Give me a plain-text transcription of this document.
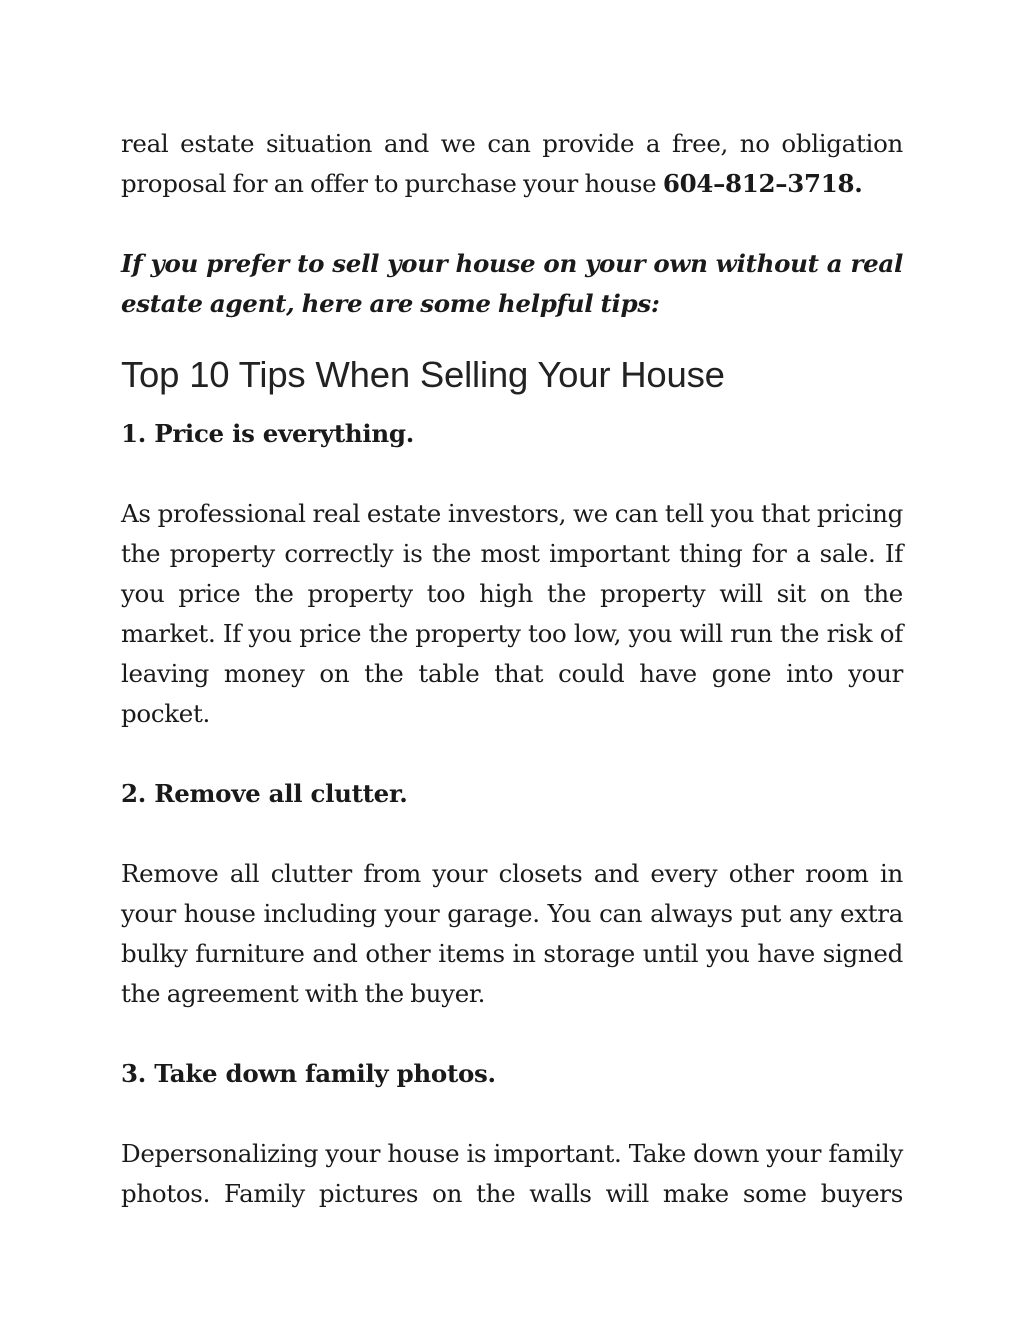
real estate situation and we can provide a free, no obligation proposal for an offer to purchase your house 604–812–3718.

If you prefer to sell your house on your own without a real estate agent, here are some helpful tips:

Top 10 Tips When Selling Your House
1. Price is everything.

As professional real estate investors, we can tell you that pricing the property correctly is the most important thing for a sale. If you price the property too high the property will sit on the market. If you price the property too low, you will run the risk of leaving money on the table that could have gone into your pocket.

2. Remove all clutter.

Remove all clutter from your closets and every other room in your house including your garage. You can always put any extra bulky furniture and other items in storage until you have signed the agreement with the buyer.

3. Take down family photos.

Depersonalizing your house is important. Take down your family photos. Family pictures on the walls will make some buyers
